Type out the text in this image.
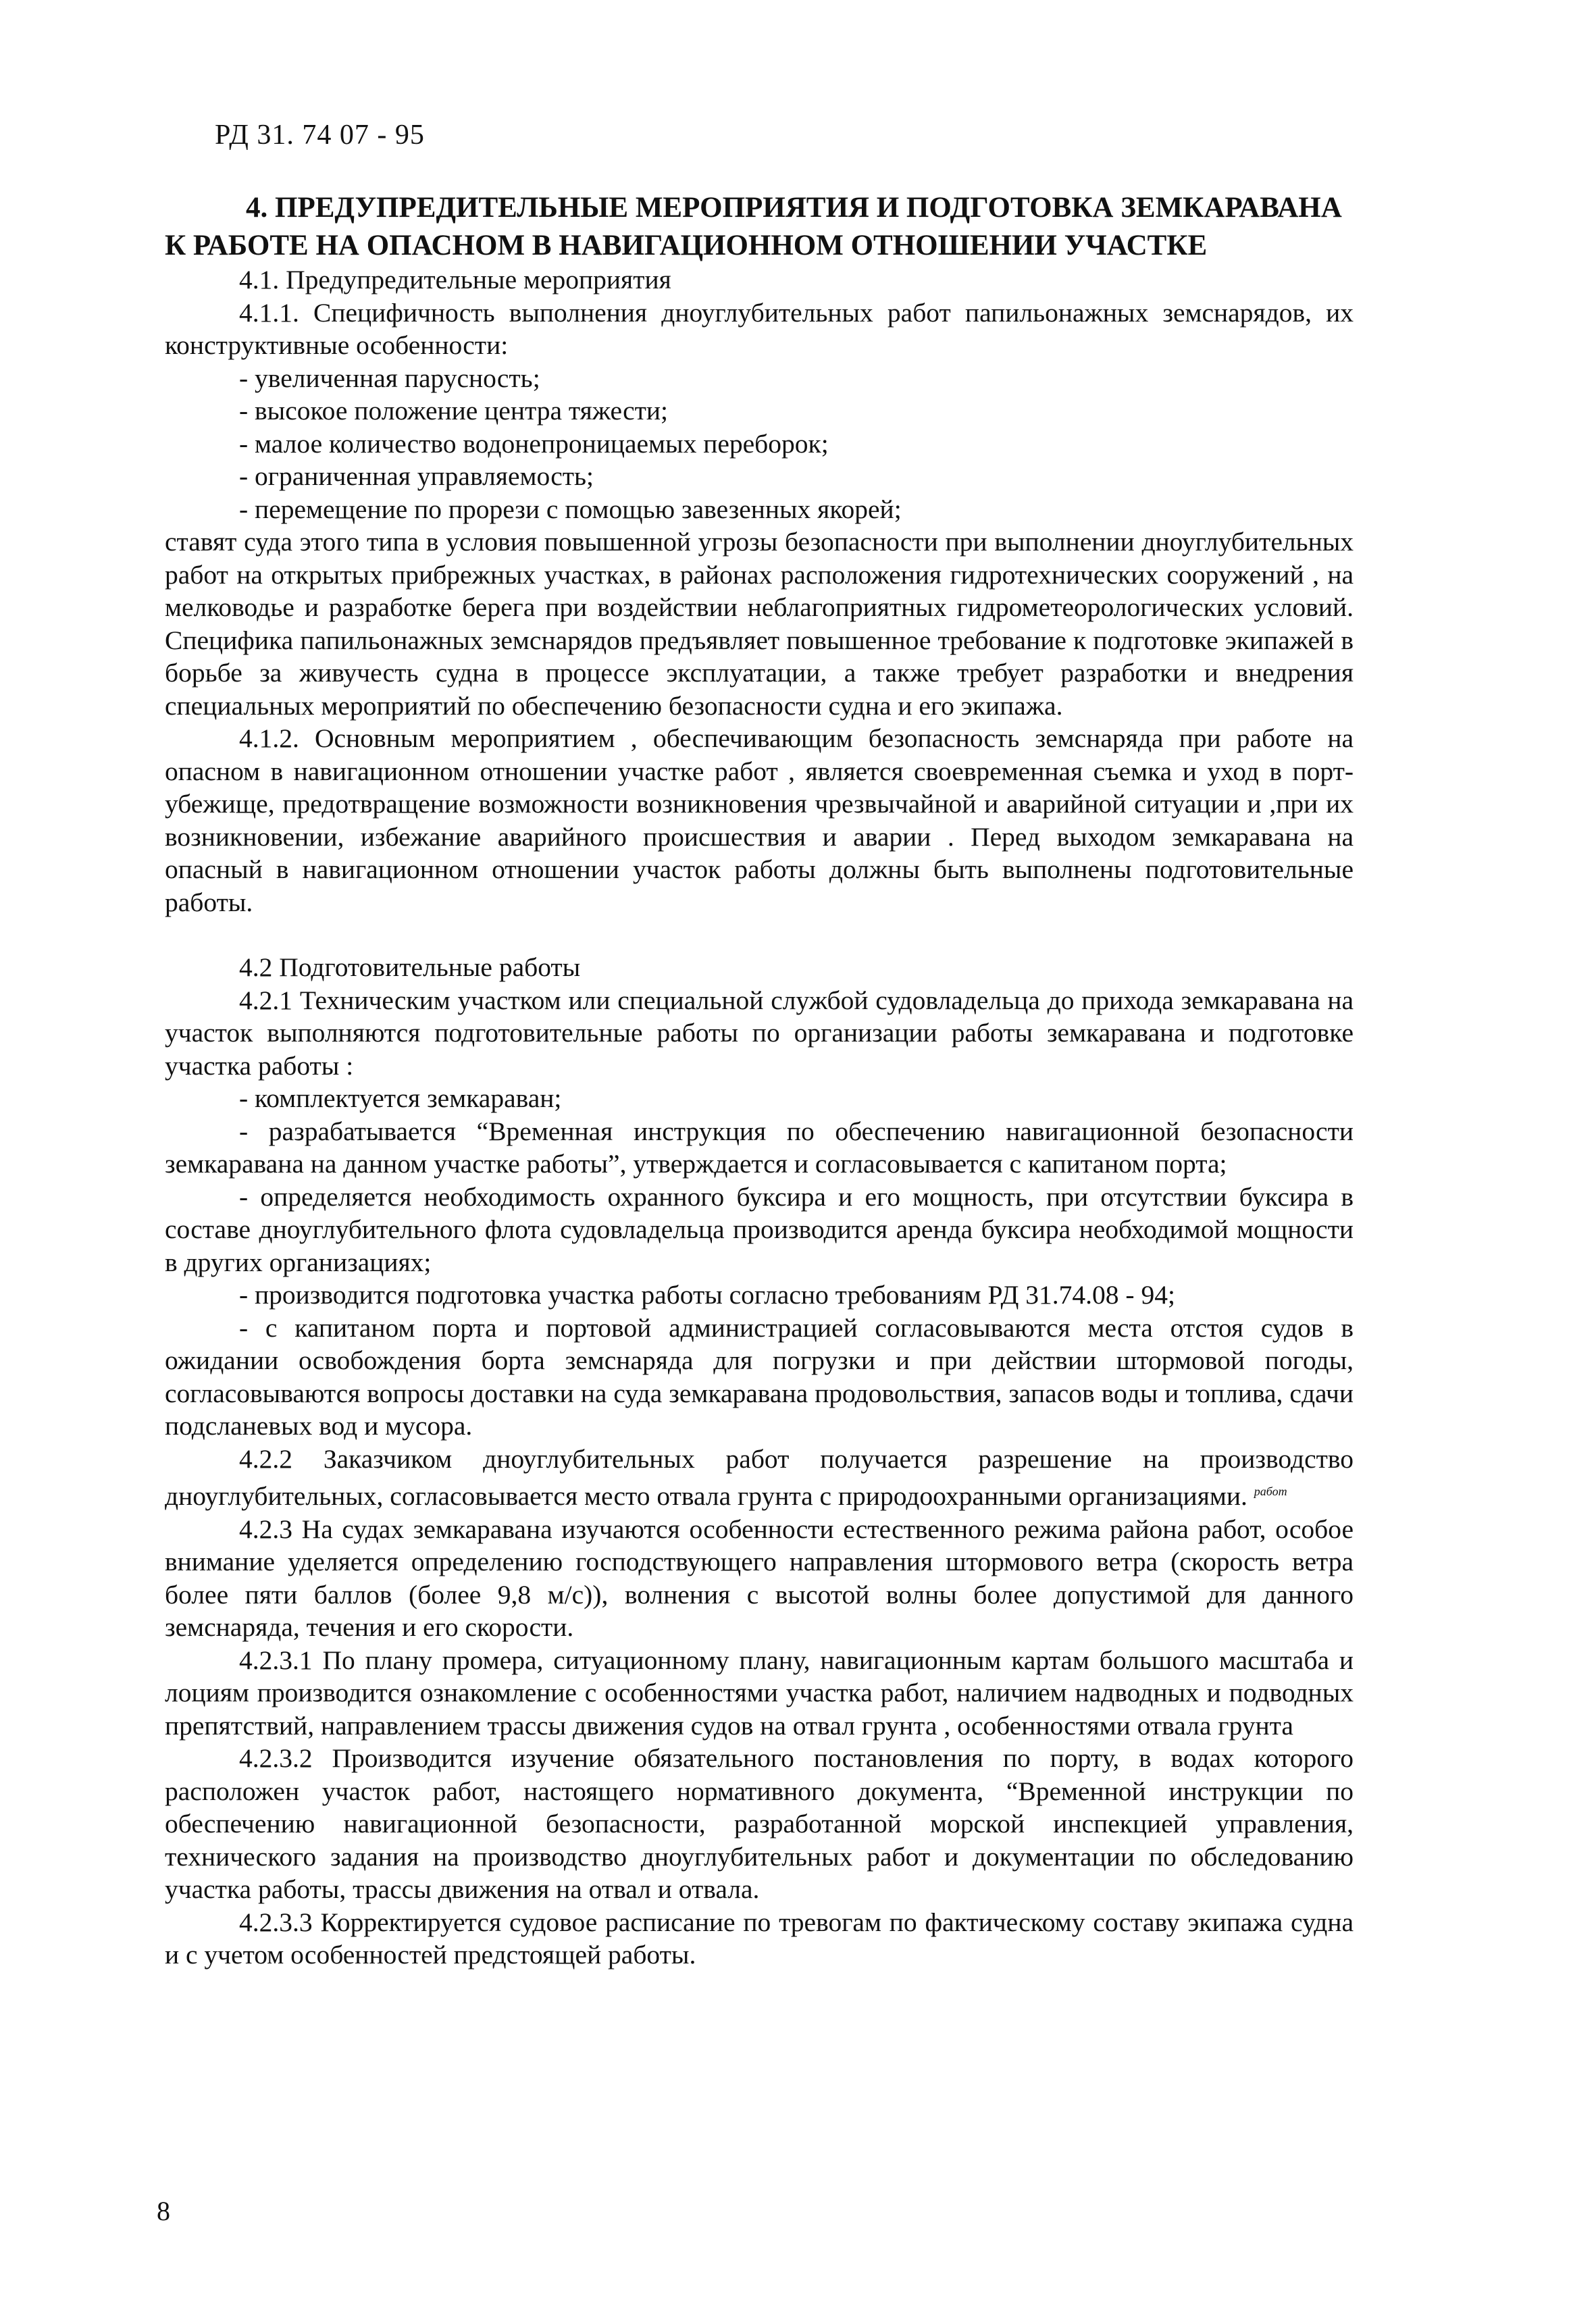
РД 31. 74 07 - 95
4. ПРЕДУПРЕДИТЕЛЬНЫЕ МЕРОПРИЯТИЯ И ПОДГОТОВКА ЗЕМКАРАВАНА
К РАБОТЕ НА ОПАСНОМ В НАВИГАЦИОННОМ ОТНОШЕНИИ УЧАСТКЕ

4.1. Предупредительные мероприятия

4.1.1. Специфичность выполнения дноуглубительных работ папильонажных земснарядов, их конструктивные особенности:

- увеличенная парусность;

- высокое положение центра тяжести;

- малое количество водонепроницаемых переборок;

- ограниченная управляемость;

- перемещение по прорези с помощью завезенных якорей;

ставят суда этого типа в условия повышенной угрозы безопасности при выполнении дноуглубительных работ на открытых прибрежных участках, в районах расположения гидротехнических сооружений , на мелководье и разработке берега при воздействии неблагоприятных гидрометеорологических условий. Специфика папильонажных земснарядов предъявляет повышенное требование к подготовке экипажей в борьбе за живучесть судна в процессе эксплуатации, а также требует разработки и внедрения специальных мероприятий по обеспечению безопасности судна и его экипажа.

4.1.2. Основным мероприятием , обеспечивающим безопасность земснаряда при работе на опасном в навигационном отношении участке работ , является своевременная съемка и уход в порт-убежище, предотвращение возможности возникновения чрезвычайной и аварийной ситуации и ,при их возникновении, избежание аварийного происшествия и аварии . Перед выходом земкаравана на опасный в навигационном отношении участок работы должны быть выполнены подготовительные работы.

4.2 Подготовительные работы

4.2.1 Техническим участком или специальной службой судовладельца до прихода земкаравана на участок выполняются подготовительные работы по организации работы земкаравана и подготовке участка работы :

- комплектуется земкараван;

- разрабатывается “Временная инструкция по обеспечению навигационной безопасности земкаравана на данном участке работы”, утверждается и согласовывается с капитаном порта;

- определяется необходимость охранного буксира и его мощность, при отсутствии буксира в составе дноуглубительного флота судовладельца производится аренда буксира необходимой мощности в других организациях;

- производится подготовка участка работы согласно требованиям РД 31.74.08 - 94;

- с капитаном порта и портовой администрацией согласовываются места отстоя судов в ожидании освобождения борта земснаряда для погрузки и при действии штормовой погоды, согласовываются вопросы доставки на суда земкаравана продовольствия, запасов воды и топлива, сдачи подсланевых вод и мусора.

4.2.2 Заказчиком дноуглубительных работ получается разрешение на производство дноуглубительных, согласовывается место отвала грунта с природоохранными организациями. $^{работ}$

4.2.3 На судах земкаравана изучаются особенности естественного режима района работ, особое внимание уделяется определению господствующего направления штормового ветра (скорость ветра более пяти баллов (более 9,8 м/с)), волнения с высотой волны более допустимой для данного земснаряда, течения и его скорости.

4.2.3.1 По плану промера, ситуационному плану, навигационным картам большого масштаба и лоциям производится ознакомление с особенностями участка работ, наличием надводных и подводных препятствий, направлением трассы движения судов на отвал грунта , особенностями отвала грунта

4.2.3.2 Производится изучение обязательного постановления по порту, в водах которого расположен участок работ, настоящего нормативного документа, “Временной инструкции по обеспечению навигационной безопасности, разработанной морской инспекцией управления, технического задания на производство дноуглубительных работ и документации по обследованию участка работы, трассы движения на отвал и отвала.

4.2.3.3 Корректируется судовое расписание по тревогам по фактическому составу экипажа судна и с учетом особенностей предстоящей работы.

8
